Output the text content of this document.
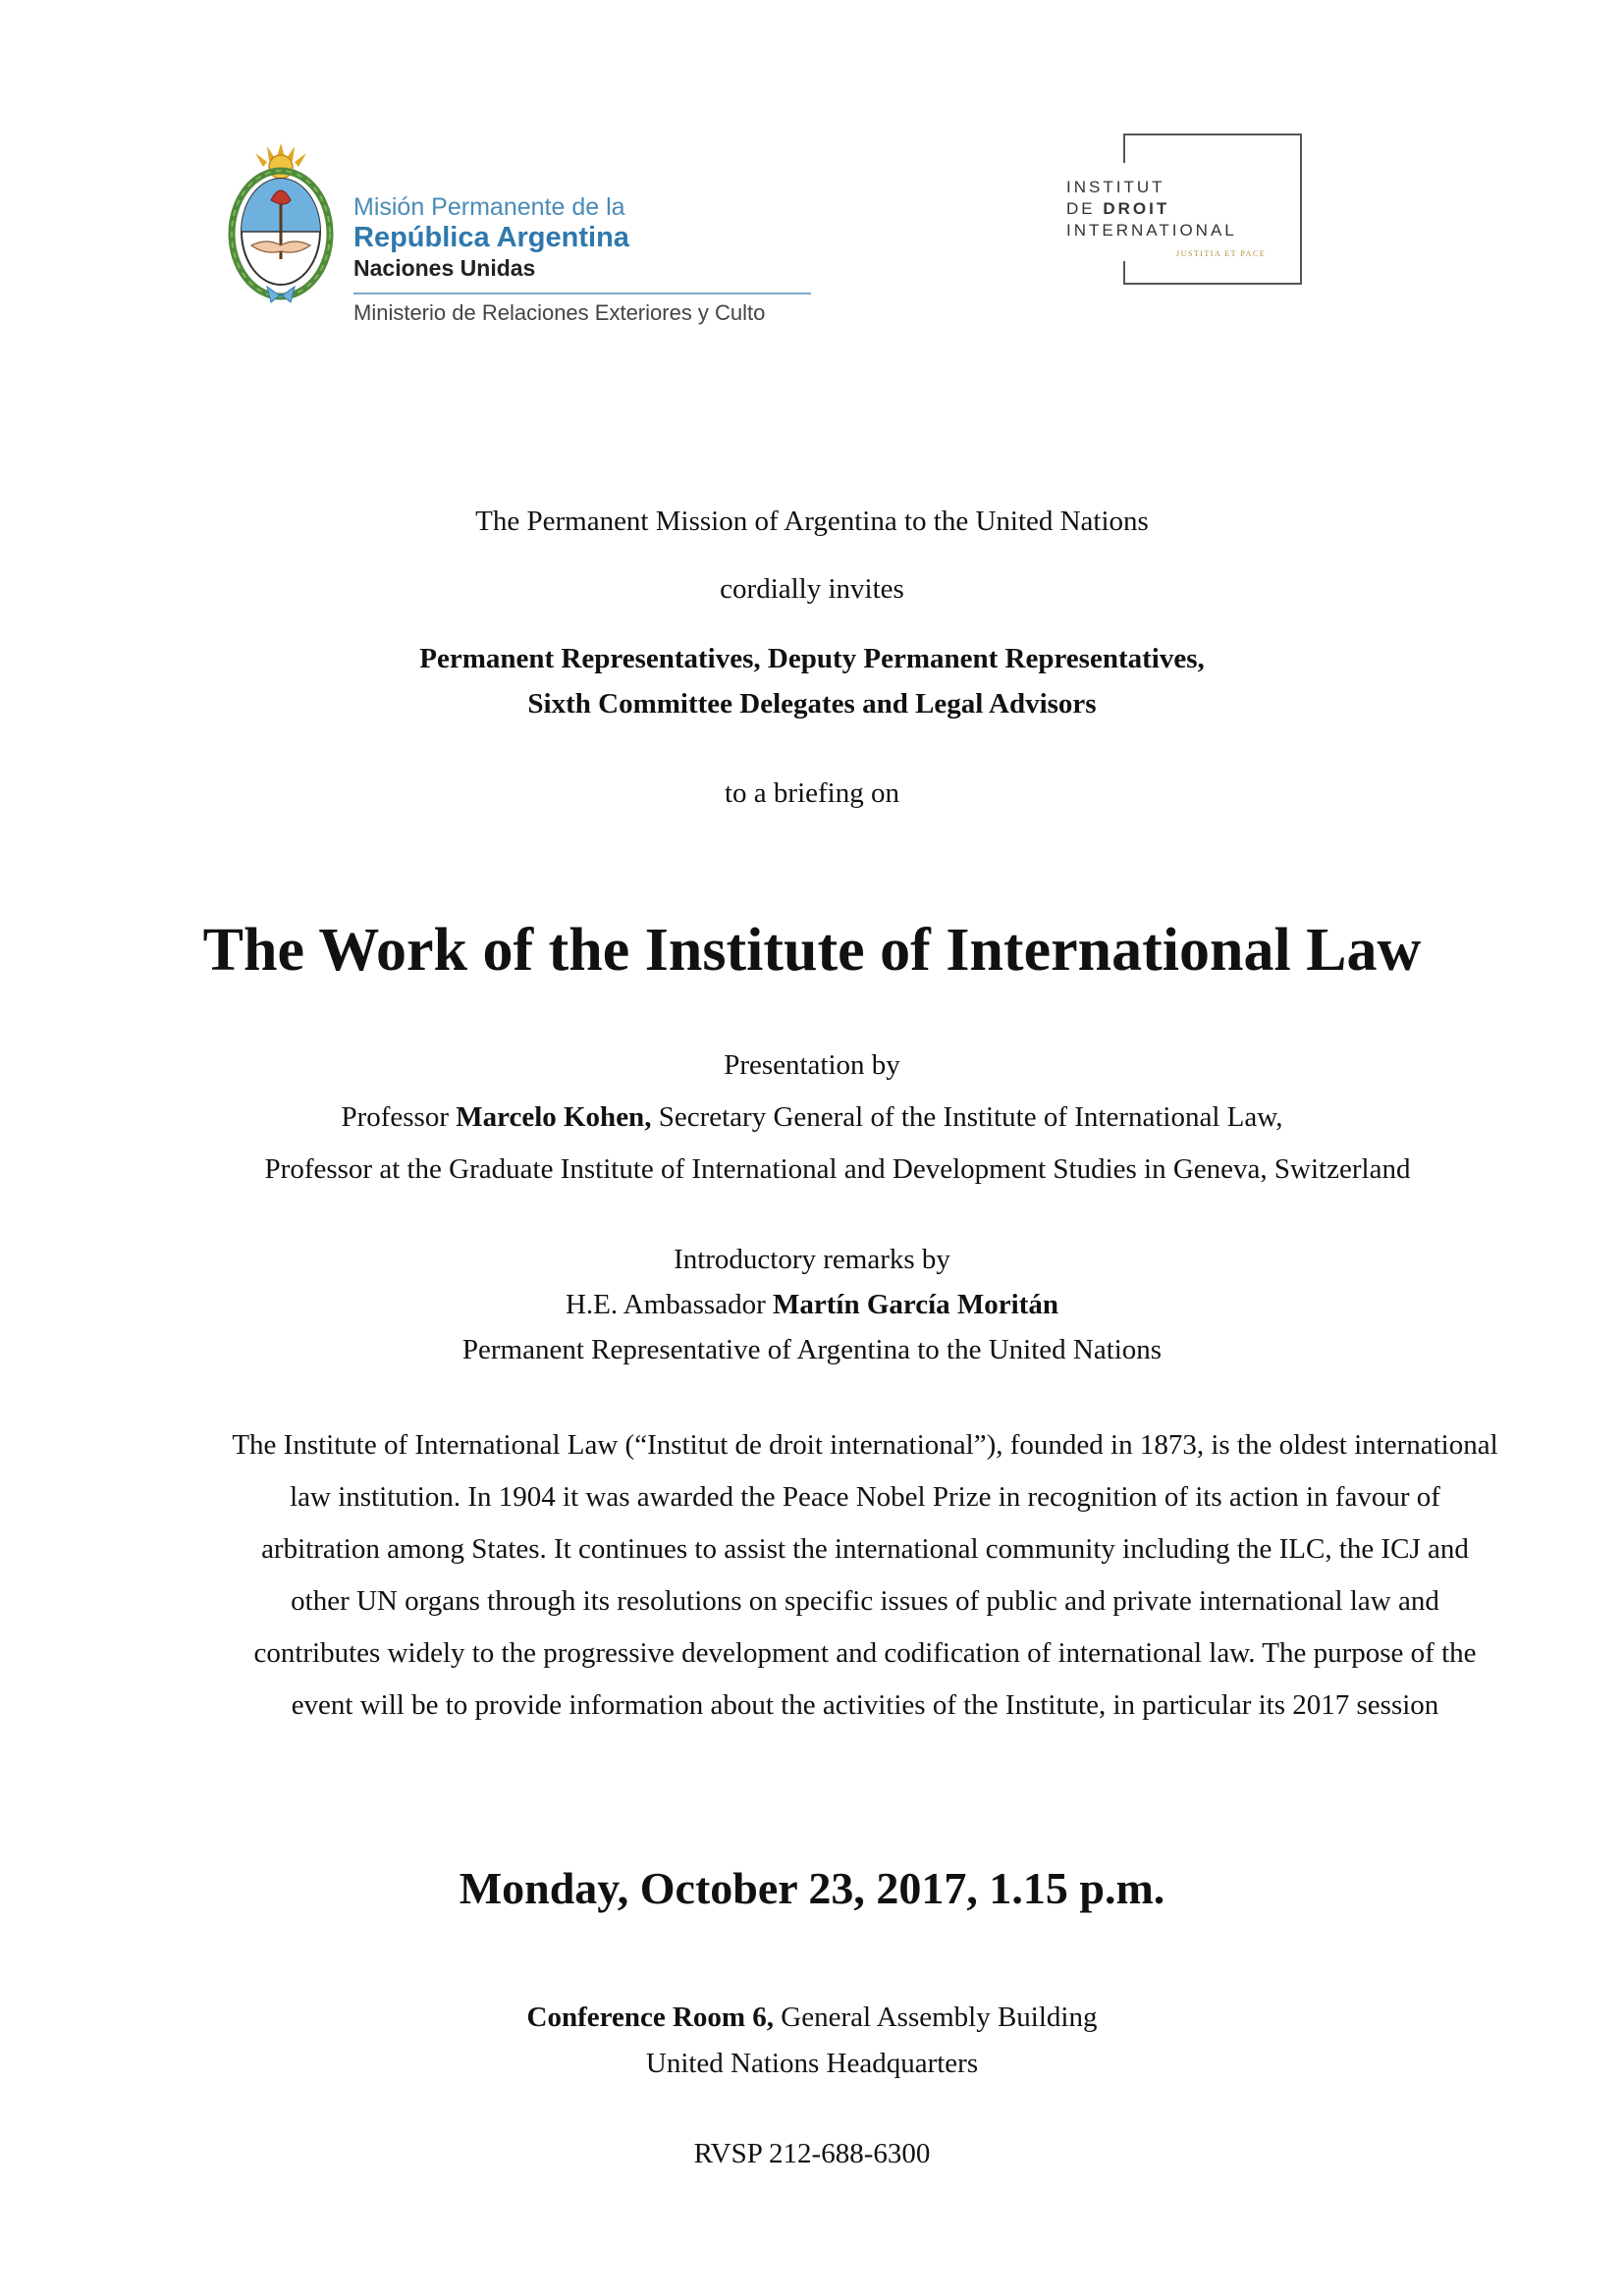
Misión Permanente de la
República Argentina
Naciones Unidas
Ministerio de Relaciones Exteriores y Culto
INSTITUT
DE DROIT
INTERNATIONAL
JUSTITIA ET PACE
The Permanent Mission of Argentina to the United Nations
cordially invites
Permanent Representatives, Deputy Permanent Representatives,
Sixth Committee Delegates and Legal Advisors
to a briefing on
The Work of the Institute of International Law
Presentation by
Professor Marcelo Kohen, Secretary General of the Institute of International Law,
Professor at the Graduate Institute of International and Development Studies in Geneva, Switzerland
Introductory remarks by
H.E. Ambassador Martín García Moritán
Permanent Representative of Argentina to the United Nations

The Institute of International Law (“Institut de droit international”), founded in 1873, is the oldest international law institution. In 1904 it was awarded the Peace Nobel Prize in recognition of its action in favour of arbitration among States. It continues to assist the international community including the ILC, the ICJ and other UN organs through its resolutions on specific issues of public and private international law and contributes widely to the progressive development and codification of international law. The purpose of the event will be to provide information about the activities of the Institute, in particular its 2017 session

Monday, October 23, 2017, 1.15 p.m.
Conference Room 6, General Assembly Building
United Nations Headquarters
RVSP 212-688-6300
